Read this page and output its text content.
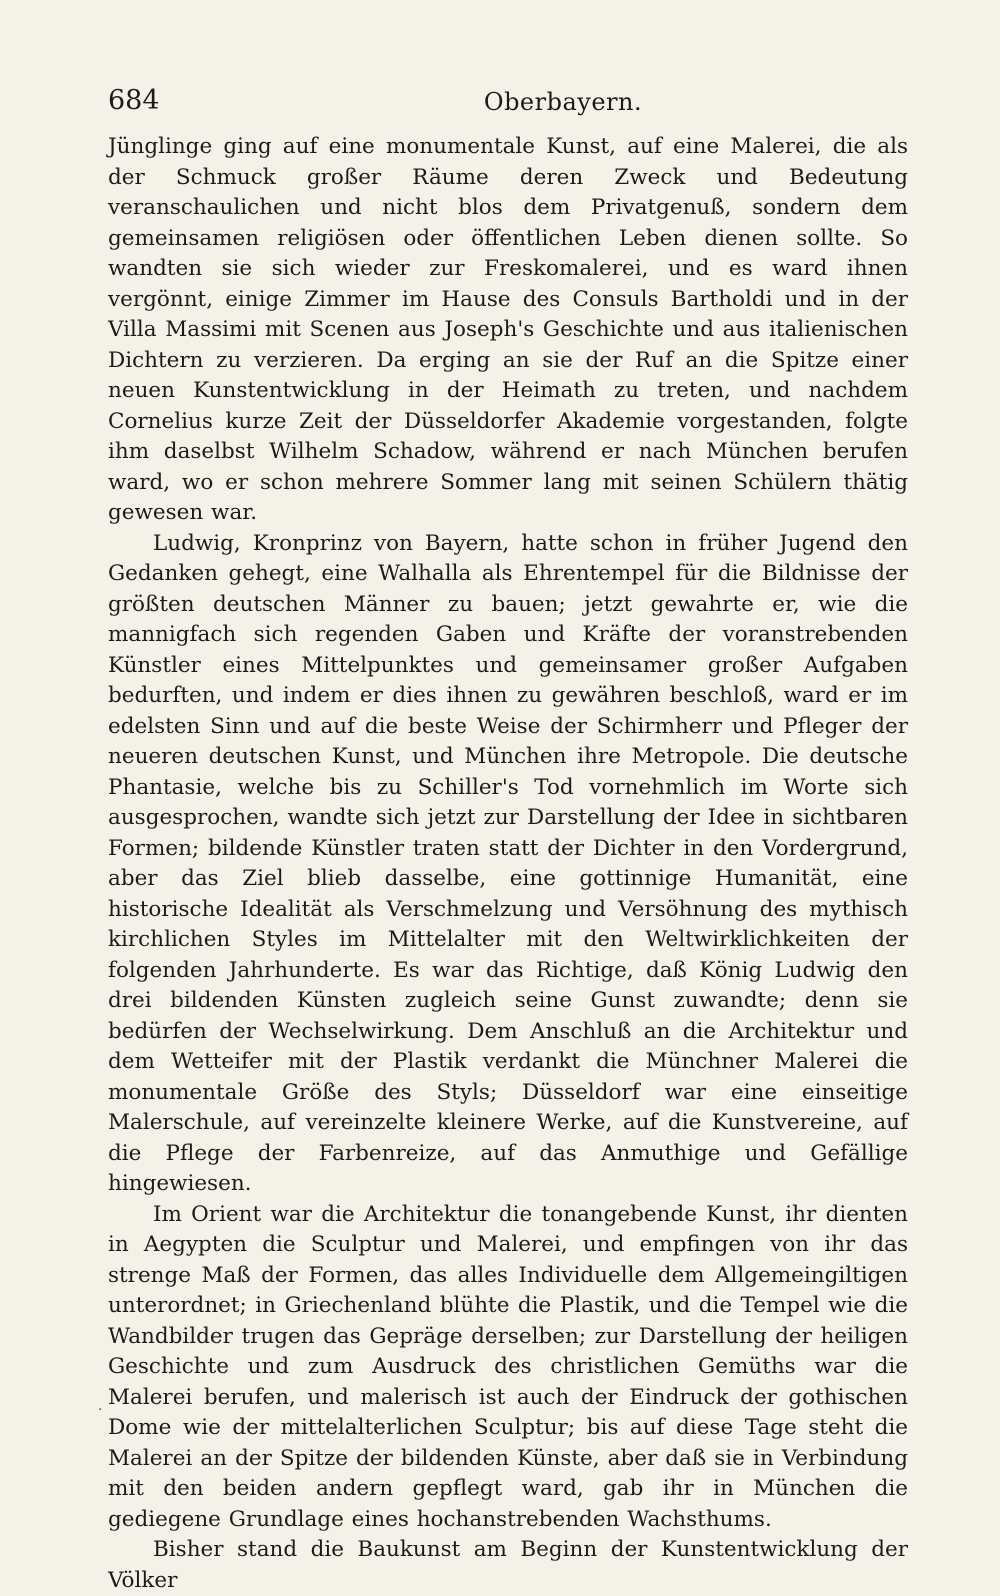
684	Oberbayern.

Jünglinge ging auf eine monumentale Kunst, auf eine Malerei, die als der Schmuck großer Räume deren Zweck und Bedeutung veranschaulichen und nicht blos dem Privatgenuß, sondern dem gemeinsamen religiösen oder öffentlichen Leben dienen sollte. So wandten sie sich wieder zur Freskomalerei, und es ward ihnen vergönnt, einige Zimmer im Hause des Consuls Bartholdi und in der Villa Massimi mit Scenen aus Joseph's Geschichte und aus italienischen Dichtern zu verzieren. Da erging an sie der Ruf an die Spitze einer neuen Kunstentwicklung in der Heimath zu treten, und nachdem Cornelius kurze Zeit der Düsseldorfer Akademie vorgestanden, folgte ihm daselbst Wilhelm Schadow, während er nach München berufen ward, wo er schon mehrere Sommer lang mit seinen Schülern thätig gewesen war.

Ludwig, Kronprinz von Bayern, hatte schon in früher Jugend den Gedanken gehegt, eine Walhalla als Ehrentempel für die Bildnisse der größten deutschen Männer zu bauen; jetzt gewahrte er, wie die mannigfach sich regenden Gaben und Kräfte der voranstrebenden Künstler eines Mittelpunktes und gemeinsamer großer Aufgaben bedurften, und indem er dies ihnen zu gewähren beschloß, ward er im edelsten Sinn und auf die beste Weise der Schirmherr und Pfleger der neueren deutschen Kunst, und München ihre Metropole. Die deutsche Phantasie, welche bis zu Schiller's Tod vornehmlich im Worte sich ausgesprochen, wandte sich jetzt zur Darstellung der Idee in sichtbaren Formen; bildende Künstler traten statt der Dichter in den Vordergrund, aber das Ziel blieb dasselbe, eine gottinnige Humanität, eine historische Idealität als Verschmelzung und Versöhnung des mythisch kirchlichen Styles im Mittelalter mit den Weltwirklichkeiten der folgenden Jahrhunderte. Es war das Richtige, daß König Ludwig den drei bildenden Künsten zugleich seine Gunst zuwandte; denn sie bedürfen der Wechselwirkung. Dem Anschluß an die Architektur und dem Wetteifer mit der Plastik verdankt die Münchner Malerei die monumentale Größe des Styls; Düsseldorf war eine einseitige Malerschule, auf vereinzelte kleinere Werke, auf die Kunstvereine, auf die Pflege der Farbenreize, auf das Anmuthige und Gefällige hingewiesen.

Im Orient war die Architektur die tonangebende Kunst, ihr dienten in Aegypten die Sculptur und Malerei, und empfingen von ihr das strenge Maß der Formen, das alles Individuelle dem Allgemeingiltigen unterordnet; in Griechenland blühte die Plastik, und die Tempel wie die Wandbilder trugen das Gepräge derselben; zur Darstellung der heiligen Geschichte und zum Ausdruck des christlichen Gemüths war die Malerei berufen, und malerisch ist auch der Eindruck der gothischen Dome wie der mittelalterlichen Sculptur; bis auf diese Tage steht die Malerei an der Spitze der bildenden Künste, aber daß sie in Verbindung mit den beiden andern gepflegt ward, gab ihr in München die gediegene Grundlage eines hochanstrebenden Wachsthums.

Bisher stand die Baukunst am Beginn der Kunstentwicklung der Völker

.
